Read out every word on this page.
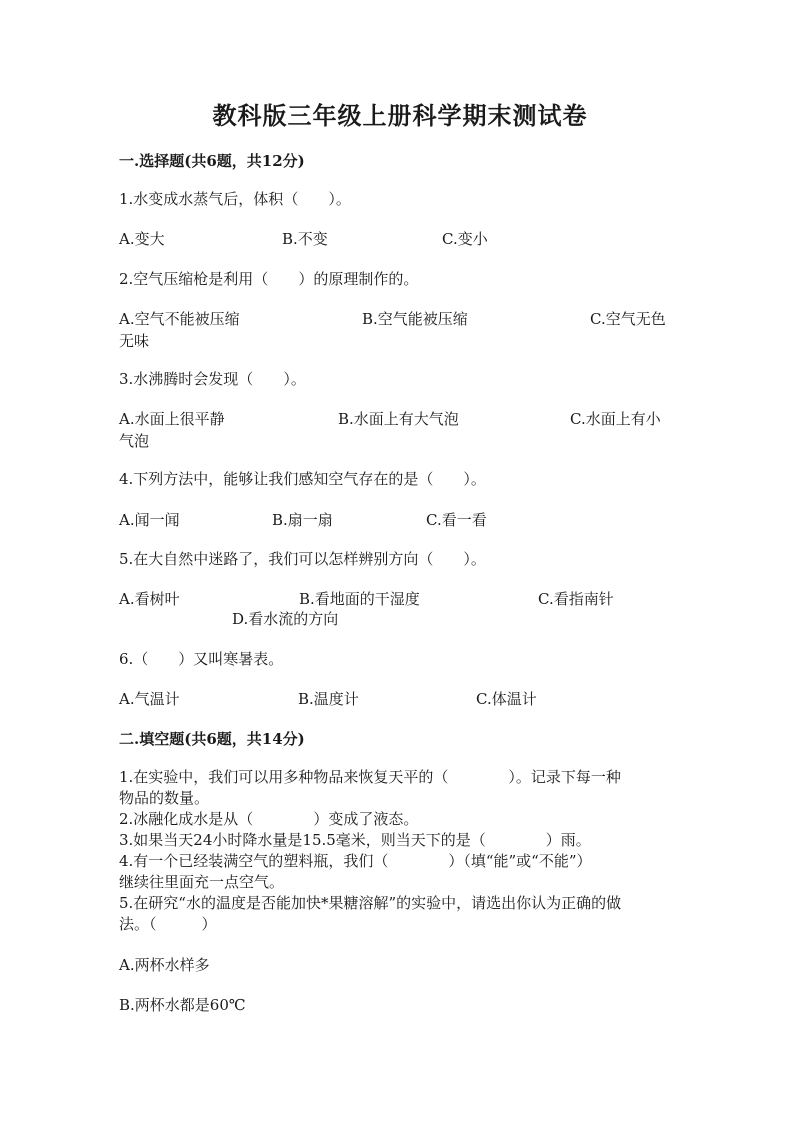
教科版三年级上册科学期末测试卷
一.选择题(共6题，共12分)
1.水变成水蒸气后，体积（　　）。
A.变大	B.不变	C.变小
2.空气压缩枪是利用（　　）的原理制作的。
A.空气不能被压缩	B.空气能被压缩	C.空气无色
无味
3.水沸腾时会发现（　　）。
A.水面上很平静	B.水面上有大气泡	C.水面上有小
气泡
4.下列方法中，能够让我们感知空气存在的是（　　）。
A.闻一闻	B.扇一扇	C.看一看
5.在大自然中迷路了，我们可以怎样辨别方向（　　）。
A.看树叶	B.看地面的干湿度	C.看指南针
D.看水流的方向
6.（　　）又叫寒暑表。
A.气温计	B.温度计	C.体温计
二.填空题(共6题，共14分)
1.在实验中，我们可以用多种物品来恢复天平的（　　　　）。记录下每一种
物品的数量。
2.冰融化成水是从（　　　　）变成了液态。
3.如果当天24小时降水量是15.5毫米，则当天下的是（　　　　）雨。
4.有一个已经装满空气的塑料瓶，我们（　　　　）（填“能”或“不能”）
继续往里面充一点空气。
5.在研究“水的温度是否能加快*果糖溶解”的实验中，请选出你认为正确的做
法。（　　　）
A.两杯水样多
B.两杯水都是60℃
